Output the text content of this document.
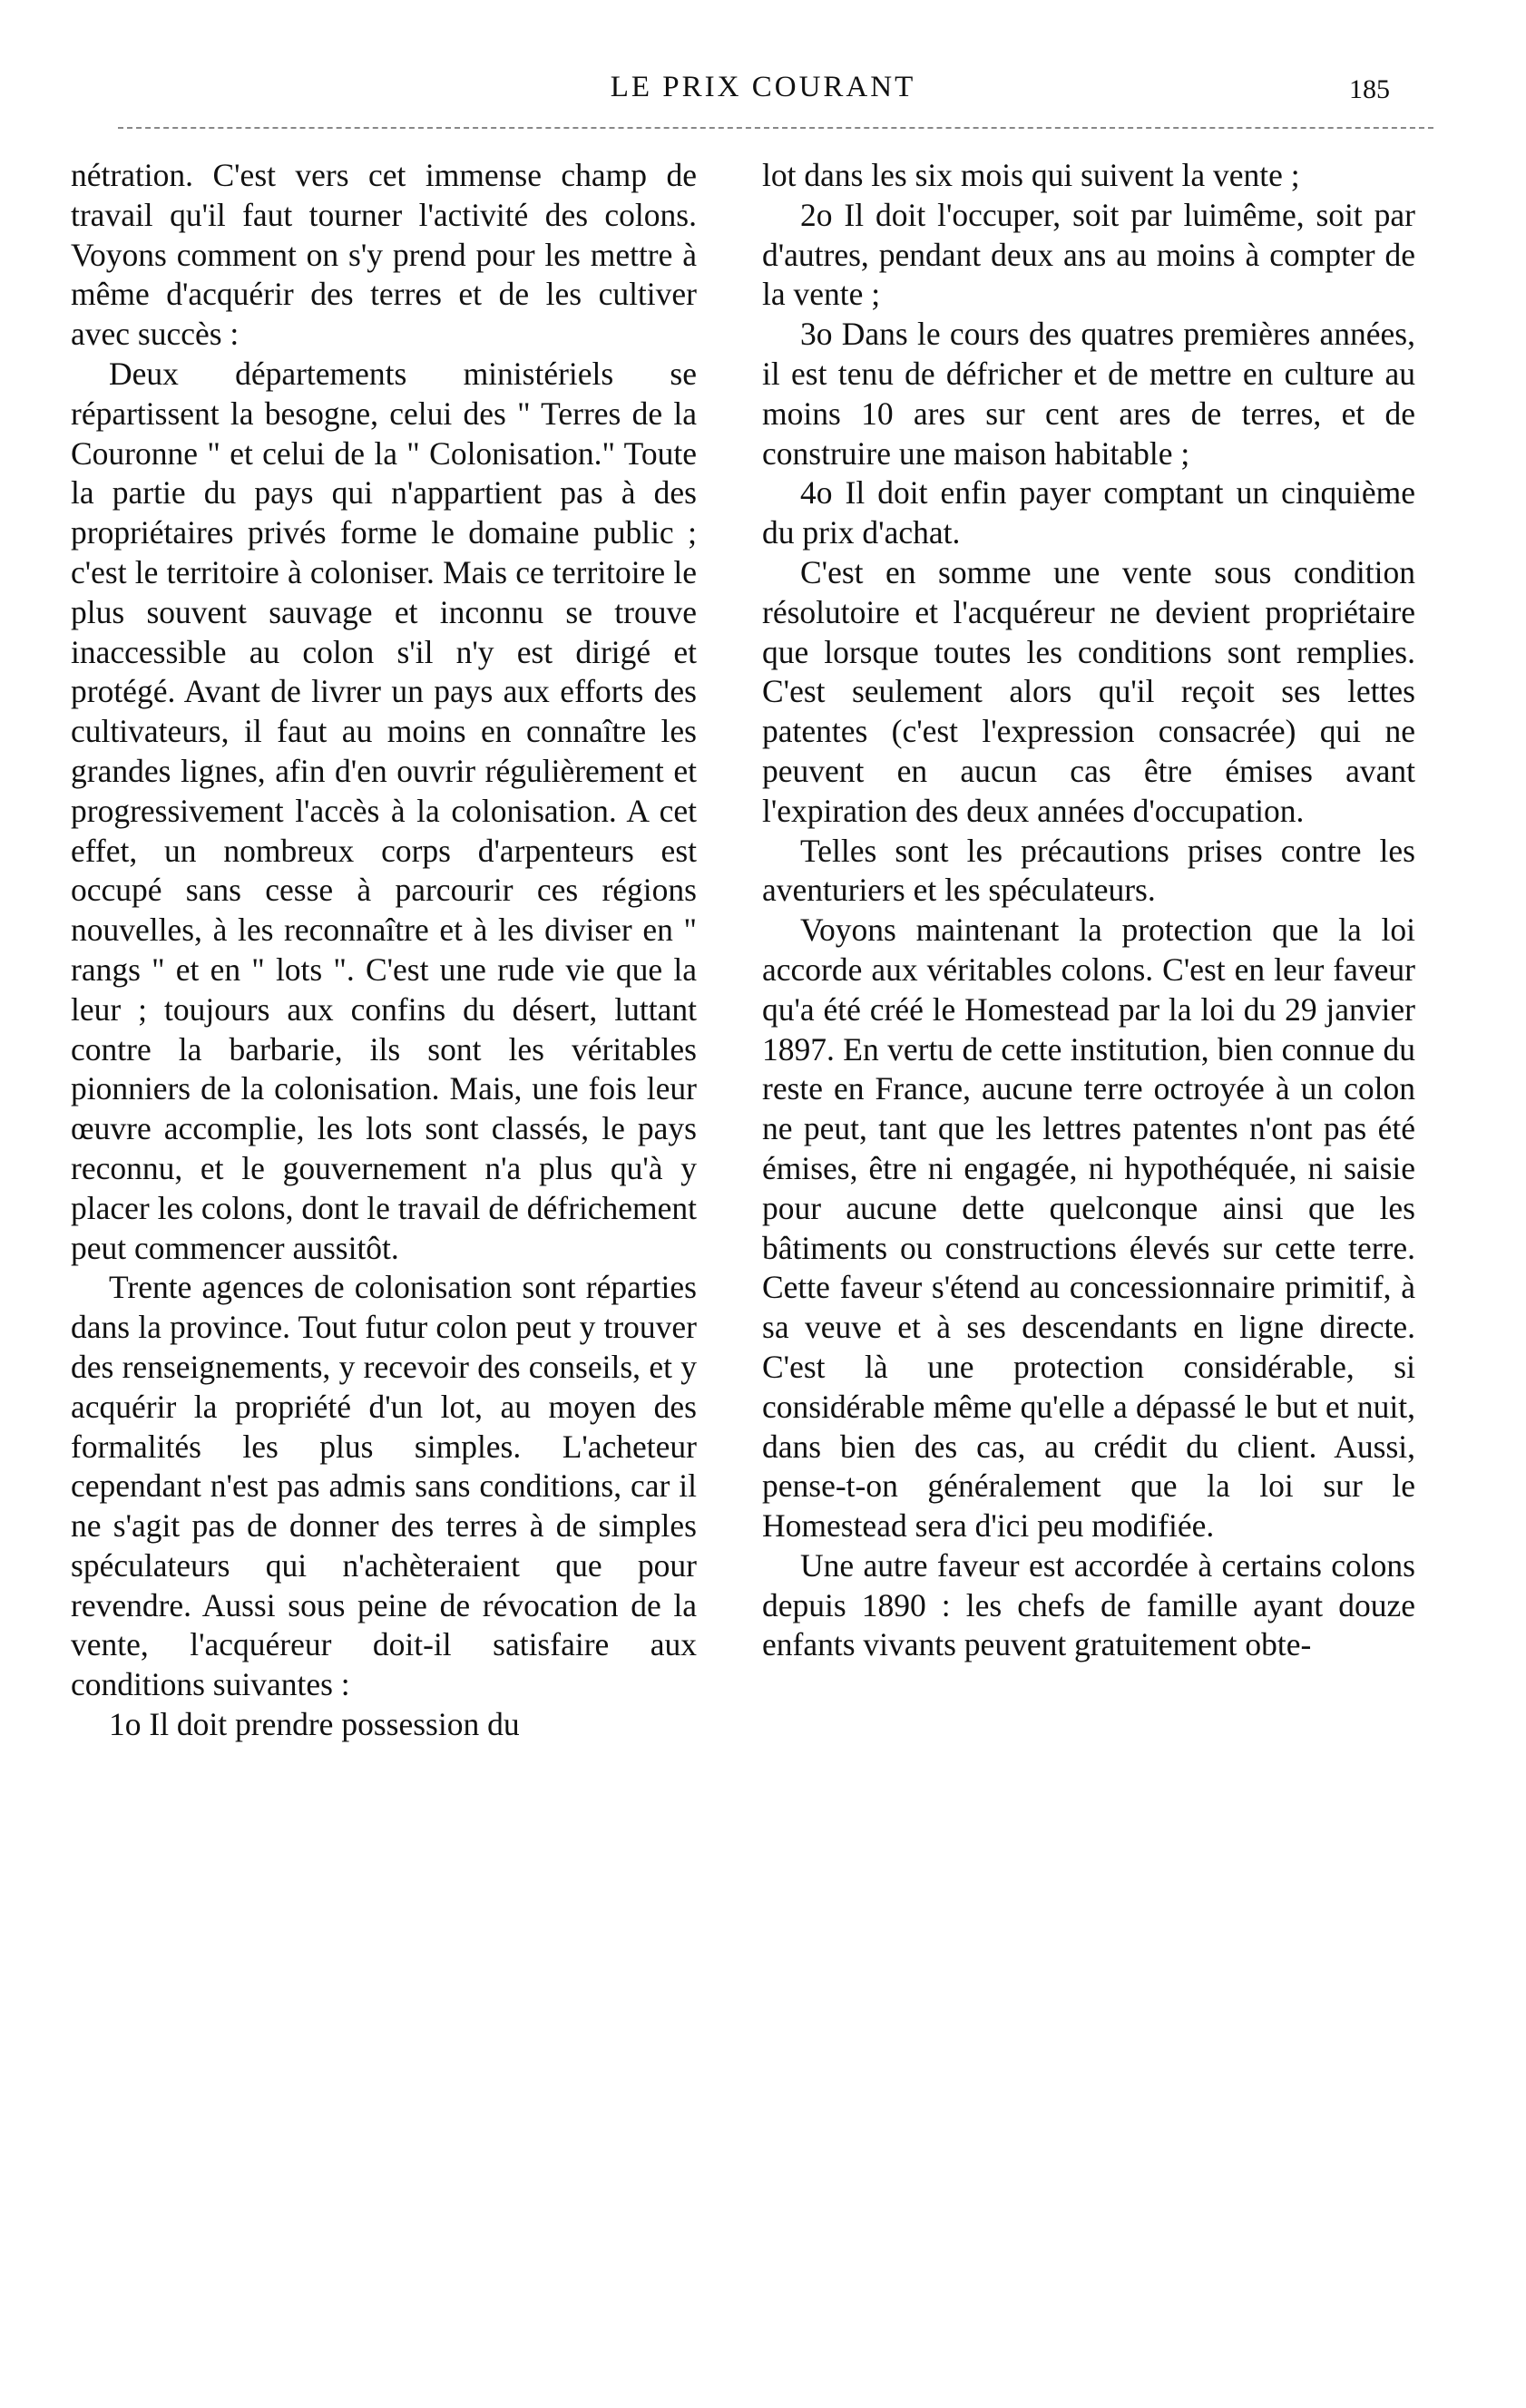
LE PRIX COURANT	185

nétration. C'est vers cet immense champ de travail qu'il faut tourner l'activité des colons. Voyons comment on s'y prend pour les mettre à même d'acquérir des terres et de les cultiver avec succès :

Deux départements ministériels se répartissent la besogne, celui des " Terres de la Couronne " et celui de la " Colonisation." Toute la partie du pays qui n'appartient pas à des propriétaires privés forme le domaine public ; c'est le territoire à coloniser. Mais ce territoire le plus souvent sauvage et inconnu se trouve inaccessible au colon s'il n'y est dirigé et protégé. Avant de livrer un pays aux efforts des cultivateurs, il faut au moins en connaître les grandes lignes, afin d'en ouvrir régulièrement et progressivement l'accès à la colonisation. A cet effet, un nombreux corps d'arpenteurs est occupé sans cesse à parcourir ces régions nouvelles, à les reconnaître et à les diviser en " rangs " et en " lots ". C'est une rude vie que la leur ; toujours aux confins du désert, luttant contre la barbarie, ils sont les véritables pionniers de la colonisation. Mais, une fois leur œuvre accomplie, les lots sont classés, le pays reconnu, et le gouvernement n'a plus qu'à y placer les colons, dont le travail de défrichement peut commencer aussitôt.

Trente agences de colonisation sont réparties dans la province. Tout futur colon peut y trouver des renseignements, y recevoir des conseils, et y acquérir la propriété d'un lot, au moyen des formalités les plus simples. L'acheteur cependant n'est pas admis sans conditions, car il ne s'agit pas de donner des terres à de simples spéculateurs qui n'achèteraient que pour revendre. Aussi sous peine de révocation de la vente, l'acquéreur doit-il satisfaire aux conditions suivantes :

1o Il doit prendre possession du

lot dans les six mois qui suivent la vente ;

2o Il doit l'occuper, soit par luimême, soit par d'autres, pendant deux ans au moins à compter de la vente ;

3o Dans le cours des quatres premières années, il est tenu de défricher et de mettre en culture au moins 10 ares sur cent ares de terres, et de construire une maison habitable ;

4o Il doit enfin payer comptant un cinquième du prix d'achat.

C'est en somme une vente sous condition résolutoire et l'acquéreur ne devient propriétaire que lorsque toutes les conditions sont remplies. C'est seulement alors qu'il reçoit ses lettes patentes (c'est l'expression consacrée) qui ne peuvent en aucun cas être émises avant l'expiration des deux années d'occupation.

Telles sont les précautions prises contre les aventuriers et les spéculateurs.

Voyons maintenant la protection que la loi accorde aux véritables colons. C'est en leur faveur qu'a été créé le Homestead par la loi du 29 janvier 1897. En vertu de cette institution, bien connue du reste en France, aucune terre octroyée à un colon ne peut, tant que les lettres patentes n'ont pas été émises, être ni engagée, ni hypothéquée, ni saisie pour aucune dette quelconque ainsi que les bâtiments ou constructions élevés sur cette terre. Cette faveur s'étend au concessionnaire primitif, à sa veuve et à ses descendants en ligne directe. C'est là une protection considérable, si considérable même qu'elle a dépassé le but et nuit, dans bien des cas, au crédit du client. Aussi, pense-t-on généralement que la loi sur le Homestead sera d'ici peu modifiée.

Une autre faveur est accordée à certains colons depuis 1890 : les chefs de famille ayant douze enfants vivants peuvent gratuitement obte-
